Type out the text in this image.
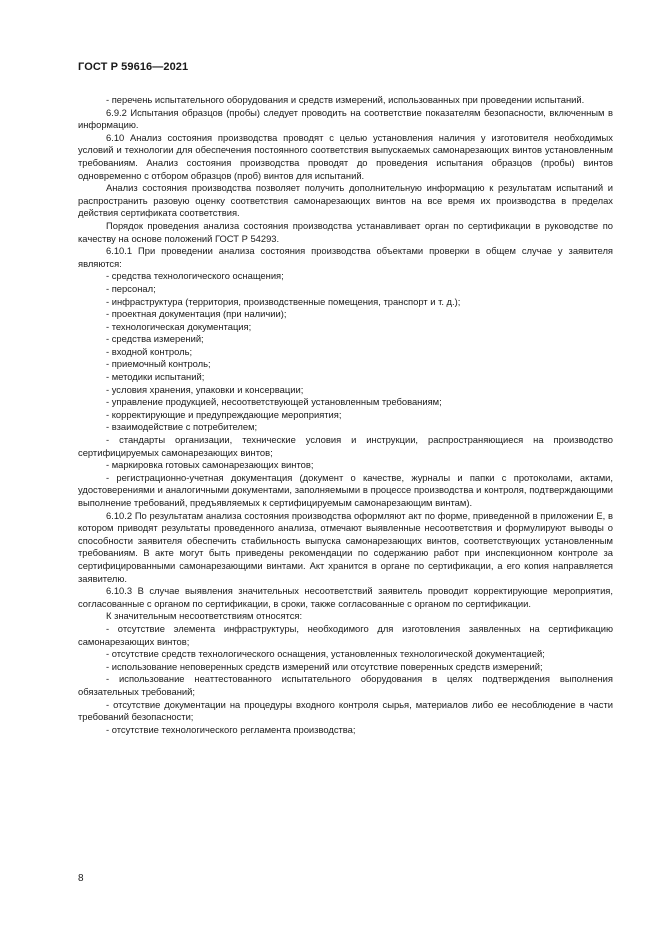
ГОСТ Р 59616—2021

- перечень испытательного оборудования и средств измерений, использованных при проведении испытаний.

6.9.2 Испытания образцов (пробы) следует проводить на соответствие показателям безопасности, включенным в информацию.

6.10 Анализ состояния производства проводят с целью установления наличия у изготовителя необходимых условий и технологии для обеспечения постоянного соответствия выпускаемых самонарезающих винтов установленным требованиям. Анализ состояния производства проводят до проведения испытания образцов (пробы) винтов одновременно с отбором образцов (проб) винтов для испытаний.

Анализ состояния производства позволяет получить дополнительную информацию к результатам испытаний и распространить разовую оценку соответствия самонарезающих винтов на все время их производства в пределах действия сертификата соответствия.

Порядок проведения анализа состояния производства устанавливает орган по сертификации в руководстве по качеству на основе положений ГОСТ Р 54293.

6.10.1 При проведении анализа состояния производства объектами проверки в общем случае у заявителя являются:

- средства технологического оснащения;

- персонал;

- инфраструктура (территория, производственные помещения, транспорт и т. д.);

- проектная документация (при наличии);

- технологическая документация;

- средства измерений;

- входной контроль;

- приемочный контроль;

- методики испытаний;

- условия хранения, упаковки и консервации;

- управление продукцией, несоответствующей установленным требованиям;

- корректирующие и предупреждающие мероприятия;

- взаимодействие с потребителем;

- стандарты организации, технические условия и инструкции, распространяющиеся на производство сертифицируемых самонарезающих винтов;

- маркировка готовых самонарезающих винтов;

- регистрационно-учетная документация (документ о качестве, журналы и папки с протоколами, актами, удостоверениями и аналогичными документами, заполняемыми в процессе производства и контроля, подтверждающими выполнение требований, предъявляемых к сертифицируемым самонарезающим винтам).

6.10.2 По результатам анализа состояния производства оформляют акт по форме, приведенной в приложении Е, в котором приводят результаты проведенного анализа, отмечают выявленные несоответствия и формулируют выводы о способности заявителя обеспечить стабильность выпуска самонарезающих винтов, соответствующих установленным требованиям. В акте могут быть приведены рекомендации по содержанию работ при инспекционном контроле за сертифицированными самонарезающими винтами. Акт хранится в органе по сертификации, а его копия направляется заявителю.

6.10.3 В случае выявления значительных несоответствий заявитель проводит корректирующие мероприятия, согласованные с органом по сертификации, в сроки, также согласованные с органом по сертификации.

К значительным несоответствиям относятся:

- отсутствие элемента инфраструктуры, необходимого для изготовления заявленных на сертификацию самонарезающих винтов;

- отсутствие средств технологического оснащения, установленных технологической документацией;

- использование неповеренных средств измерений или отсутствие поверенных средств измерений;

- использование неаттестованного испытательного оборудования в целях подтверждения выполнения обязательных требований;

- отсутствие документации на процедуры входного контроля сырья, материалов либо ее несоблюдение в части требований безопасности;

- отсутствие технологического регламента производства;

8
